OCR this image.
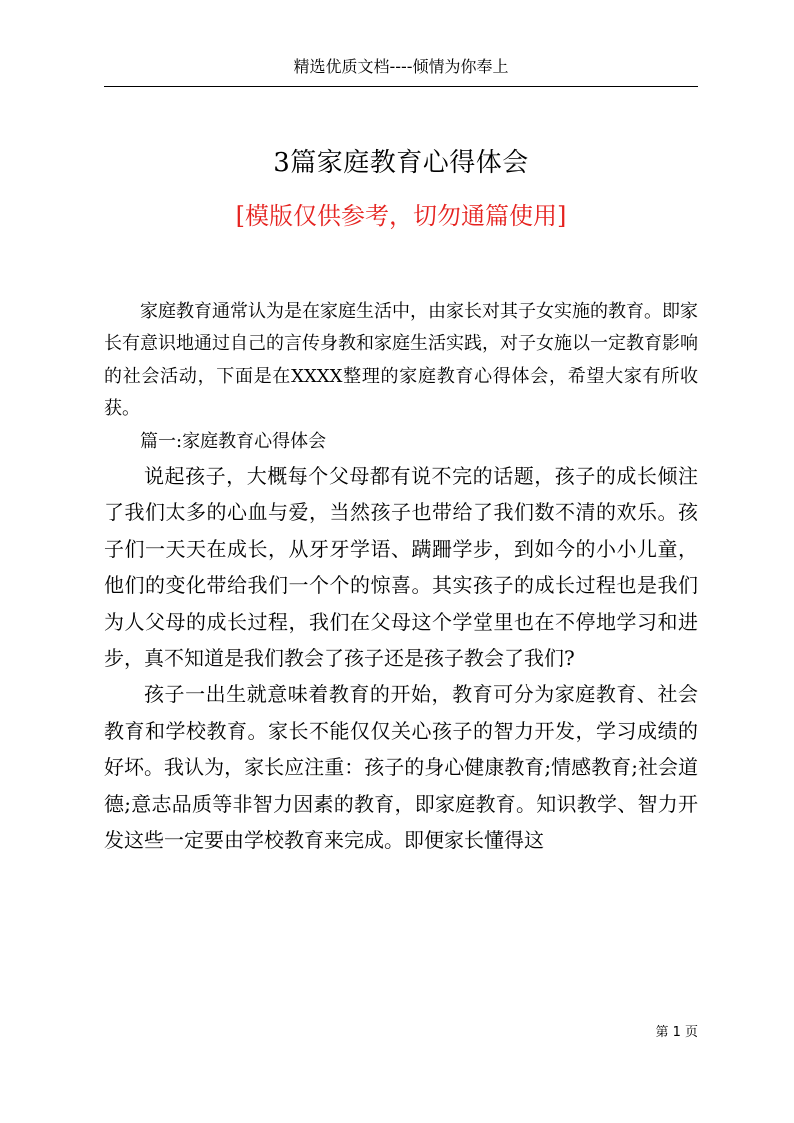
精选优质文档----倾情为你奉上
3篇家庭教育心得体会
[模版仅供参考，切勿通篇使用]

家庭教育通常认为是在家庭生活中，由家长对其子女实施的教育。即家长有意识地通过自己的言传身教和家庭生活实践，对子女施以一定教育影响的社会活动，下面是在XXXX整理的家庭教育心得体会，希望大家有所收获。

篇一:家庭教育心得体会

说起孩子，大概每个父母都有说不完的话题，孩子的成长倾注了我们太多的心血与爱，当然孩子也带给了我们数不清的欢乐。孩子们一天天在成长，从牙牙学语、蹒跚学步，到如今的小小儿童，他们的变化带给我们一个个的惊喜。其实孩子的成长过程也是我们为人父母的成长过程，我们在父母这个学堂里也在不停地学习和进步，真不知道是我们教会了孩子还是孩子教会了我们?

孩子一出生就意味着教育的开始，教育可分为家庭教育、社会教育和学校教育。家长不能仅仅关心孩子的智力开发，学习成绩的好坏。我认为，家长应注重：孩子的身心健康教育;情感教育;社会道德;意志品质等非智力因素的教育，即家庭教育。知识教学、智力开发这些一定要由学校教育来完成。即便家长懂得这

第 1 页
